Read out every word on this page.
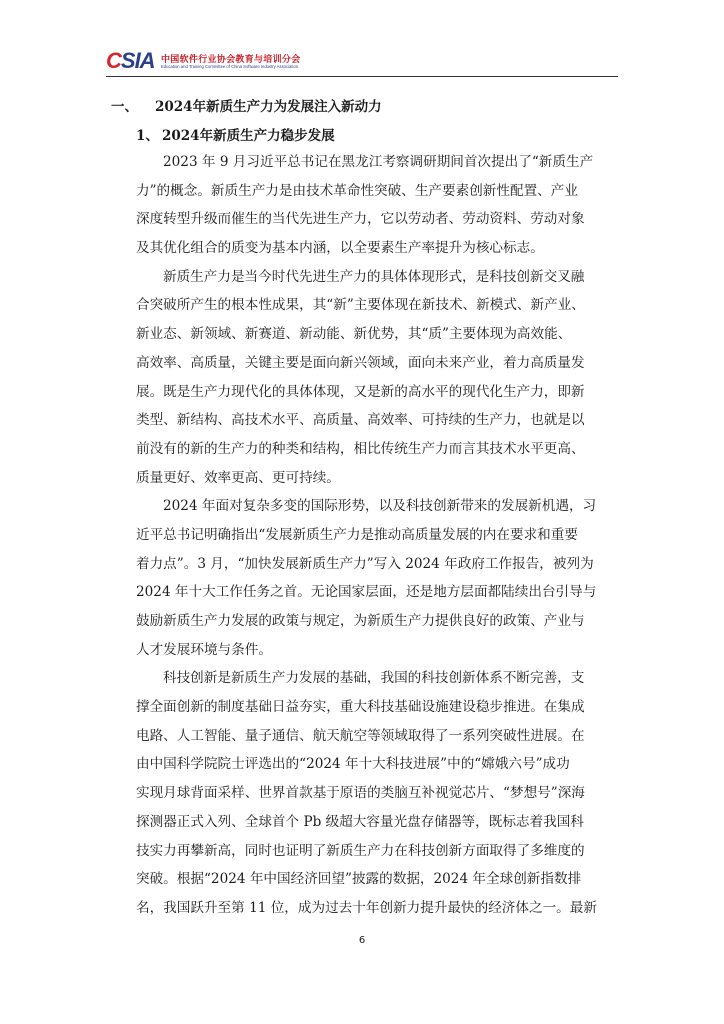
CSIA 中国软件行业协会教育与培训分会
Education and Training Committee of China Software Industry Association
一、 2024年新质生产力为发展注入新动力
1、 2024年新质生产力稳步发展
2023 年 9 月习近平总书记在黑龙江考察调研期间首次提出了“新质生产
力”的概念。新质生产力是由技术革命性突破、生产要素创新性配置、产业
深度转型升级而催生的当代先进生产力，它以劳动者、劳动资料、劳动对象
及其优化组合的质变为基本内涵，以全要素生产率提升为核心标志。
新质生产力是当今时代先进生产力的具体体现形式，是科技创新交叉融
合突破所产生的根本性成果，其“新”主要体现在新技术、新模式、新产业、
新业态、新领域、新赛道、新动能、新优势，其“质”主要体现为高效能、
高效率、高质量，关键主要是面向新兴领域，面向未来产业，着力高质量发
展。既是生产力现代化的具体体现，又是新的高水平的现代化生产力，即新
类型、新结构、高技术水平、高质量、高效率、可持续的生产力，也就是以
前没有的新的生产力的种类和结构，相比传统生产力而言其技术水平更高、
质量更好、效率更高、更可持续。
2024 年面对复杂多变的国际形势，以及科技创新带来的发展新机遇，习
近平总书记明确指出“发展新质生产力是推动高质量发展的内在要求和重要
着力点”。3 月，“加快发展新质生产力”写入 2024 年政府工作报告，被列为
2024 年十大工作任务之首。无论国家层面，还是地方层面都陆续出台引导与
鼓励新质生产力发展的政策与规定，为新质生产力提供良好的政策、产业与
人才发展环境与条件。
科技创新是新质生产力发展的基础，我国的科技创新体系不断完善，支
撑全面创新的制度基础日益夯实，重大科技基础设施建设稳步推进。在集成
电路、人工智能、量子通信、航天航空等领域取得了一系列突破性进展。在
由中国科学院院士评选出的“2024 年十大科技进展”中的“嫦娥六号”成功
实现月球背面采样、世界首款基于原语的类脑互补视觉芯片、“梦想号”深海
探测器正式入列、全球首个 Pb 级超大容量光盘存储器等，既标志着我国科
技实力再攀新高，同时也证明了新质生产力在科技创新方面取得了多维度的
突破。根据“2024 年中国经济回望”披露的数据，2024 年全球创新指数排
名，我国跃升至第 11 位，成为过去十年创新力提升最快的经济体之一。最新
6
